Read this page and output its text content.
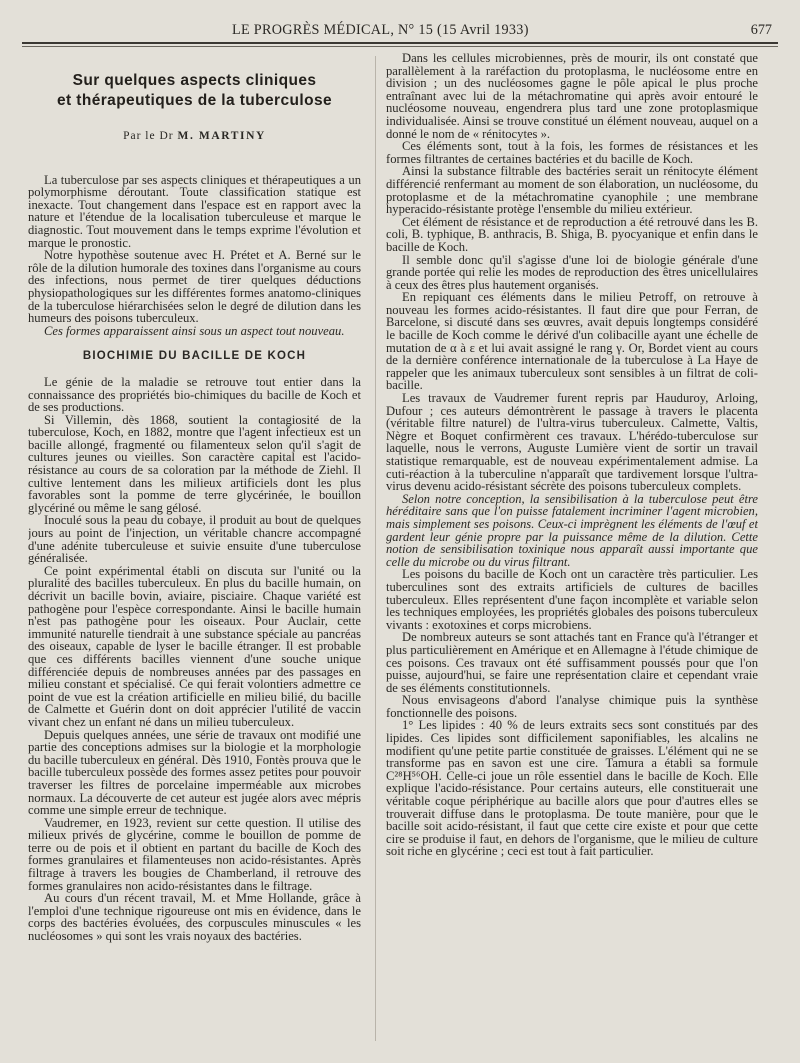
LE PROGRÈS MÉDICAL, N° 15 (15 Avril 1933)	677
Sur quelques aspects cliniques
et thérapeutiques de la tuberculose
Par le Dr M. MARTINY

La tuberculose par ses aspects cliniques et thérapeutiques a un polymorphisme déroutant. Toute classification statique est inexacte. Tout changement dans l'espace est en rapport avec la nature et l'étendue de la localisation tuberculeuse et marque le diagnostic. Tout mouvement dans le temps exprime l'évolution et marque le pronostic.

Notre hypothèse soutenue avec H. Prétet et A. Berné sur le rôle de la dilution humorale des toxines dans l'organisme au cours des infections, nous permet de tirer quelques déductions physiopathologiques sur les différentes formes anatomo-cliniques de la tuberculose hiérarchisées selon le degré de dilution dans les humeurs des poisons tuberculeux.

Ces formes apparaissent ainsi sous un aspect tout nouveau.

BIOCHIMIE DU BACILLE DE KOCH

Le génie de la maladie se retrouve tout entier dans la connaissance des propriétés bio-chimiques du bacille de Koch et de ses productions.

Si Villemin, dès 1868, soutient la contagiosité de la tuberculose, Koch, en 1882, montre que l'agent infectieux est un bacille allongé, fragmenté ou filamenteux selon qu'il s'agit de cultures jeunes ou vieilles. Son caractère capital est l'acido-résistance au cours de sa coloration par la méthode de Ziehl. Il cultive lentement dans les milieux artificiels dont les plus favorables sont la pomme de terre glycérinée, le bouillon glycériné ou même le sang gélosé.

Inoculé sous la peau du cobaye, il produit au bout de quelques jours au point de l'injection, un véritable chancre accompagné d'une adénite tuberculeuse et suivie ensuite d'une tuberculose généralisée.

Ce point expérimental établi on discuta sur l'unité ou la pluralité des bacilles tuberculeux. En plus du bacille humain, on décrivit un bacille bovin, aviaire, pisciaire. Chaque variété est pathogène pour l'espèce correspondante. Ainsi le bacille humain n'est pas pathogène pour les oiseaux. Pour Auclair, cette immunité naturelle tiendrait à une substance spéciale au pancréas des oiseaux, capable de lyser le bacille étranger. Il est probable que ces différents bacilles viennent d'une souche unique différenciée depuis de nombreuses années par des passages en milieu constant et spécialisé. Ce qui ferait volontiers admettre ce point de vue est la création artificielle en milieu bilié, du bacille de Calmette et Guérin dont on doit apprécier l'utilité de vaccin vivant chez un enfant né dans un milieu tuberculeux.

Depuis quelques années, une série de travaux ont modifié une partie des conceptions admises sur la biologie et la morphologie du bacille tuberculeux en général. Dès 1910, Fontès prouva que le bacille tuberculeux possède des formes assez petites pour pouvoir traverser les filtres de porcelaine imperméable aux microbes normaux. La découverte de cet auteur est jugée alors avec mépris comme une simple erreur de technique.

Vaudremer, en 1923, revient sur cette question. Il utilise des milieux privés de glycérine, comme le bouillon de pomme de terre ou de pois et il obtient en partant du bacille de Koch des formes granulaires et filamenteuses non acido-résistantes. Après filtrage à travers les bougies de Chamberland, il retrouve des formes granulaires non acido-résistantes dans le filtrage.

Au cours d'un récent travail, M. et Mme Hollande, grâce à l'emploi d'une technique rigoureuse ont mis en évidence, dans le corps des bactéries évoluées, des corpuscules minuscules « les nucléosomes » qui sont les vrais noyaux des bactéries.

Dans les cellules microbiennes, près de mourir, ils ont constaté que parallèlement à la raréfaction du protoplasma, le nucléosome entre en division ; un des nucléosomes gagne le pôle apical le plus proche entraînant avec lui de la métachromatine qui après avoir entouré le nucléosome nouveau, engendrera plus tard une zone protoplasmique individualisée. Ainsi se trouve constitué un élément nouveau, auquel on a donné le nom de « rénitocytes ».

Ces éléments sont, tout à la fois, les formes de résistances et les formes filtrantes de certaines bactéries et du bacille de Koch.

Ainsi la substance filtrable des bactéries serait un rénitocyte élément différencié renfermant au moment de son élaboration, un nucléosome, du protoplasme et de la métachromatine cyanophile ; une membrane hyperacido-résistante protège l'ensemble du milieu extérieur.

Cet élément de résistance et de reproduction a été retrouvé dans les B. coli, B. typhique, B. anthracis, B. Shiga, B. pyocyanique et enfin dans le bacille de Koch.

Il semble donc qu'il s'agisse d'une loi de biologie générale d'une grande portée qui relie les modes de reproduction des êtres unicellulaires à ceux des êtres plus hautement organisés.

En repiquant ces éléments dans le milieu Petroff, on retrouve à nouveau les formes acido-résistantes. Il faut dire que pour Ferran, de Barcelone, si discuté dans ses œuvres, avait depuis longtemps considéré le bacille de Koch comme le dérivé d'un colibacille ayant une échelle de mutation de α à ε et lui avait assigné le rang γ. Or, Bordet vient au cours de la dernière conférence internationale de la tuberculose à La Haye de rappeler que les animaux tuberculeux sont sensibles à un filtrat de coli-bacille.

Les travaux de Vaudremer furent repris par Hauduroy, Arloing, Dufour ; ces auteurs démontrèrent le passage à travers le placenta (véritable filtre naturel) de l'ultra-virus tuberculeux. Calmette, Valtis, Nègre et Boquet confirmèrent ces travaux. L'hérédo-tuberculose sur laquelle, nous le verrons, Auguste Lumière vient de sortir un travail statistique remarquable, est de nouveau expérimentalement admise. La cuti-réaction à la tuberculine n'apparaît que tardivement lorsque l'ultra-virus devenu acido-résistant sécrète des poisons tuberculeux complets.

Selon notre conception, la sensibilisation à la tuberculose peut être héréditaire sans que l'on puisse fatalement incriminer l'agent microbien, mais simplement ses poisons. Ceux-ci imprègnent les éléments de l'œuf et gardent leur génie propre par la puissance même de la dilution. Cette notion de sensibilisation toxinique nous apparaît aussi importante que celle du microbe ou du virus filtrant.

Les poisons du bacille de Koch ont un caractère très particulier. Les tuberculines sont des extraits artificiels de cultures de bacilles tuberculeux. Elles représentent d'une façon incomplète et variable selon les techniques employées, les propriétés globales des poisons tuberculeux vivants : exotoxines et corps microbiens.

De nombreux auteurs se sont attachés tant en France qu'à l'étranger et plus particulièrement en Amérique et en Allemagne à l'étude chimique de ces poisons. Ces travaux ont été suffisamment poussés pour que l'on puisse, aujourd'hui, se faire une représentation claire et cependant vraie de ses éléments constitutionnels.

Nous envisageons d'abord l'analyse chimique puis la synthèse fonctionnelle des poisons.

1° Les lipides : 40 % de leurs extraits secs sont constitués par des lipides. Ces lipides sont difficilement saponifiables, les alcalins ne modifient qu'une petite partie constituée de graisses. L'élément qui ne se transforme pas en savon est une cire. Tamura a établi sa formule C²⁸H⁵⁶OH. Celle-ci joue un rôle essentiel dans le bacille de Koch. Elle explique l'acido-résistance. Pour certains auteurs, elle constituerait une véritable coque périphérique au bacille alors que pour d'autres elles se trouverait diffuse dans le protoplasma. De toute manière, pour que le bacille soit acido-résistant, il faut que cette cire existe et pour que cette cire se produise il faut, en dehors de l'organisme, que le milieu de culture soit riche en glycérine ; ceci est tout à fait particulier.
